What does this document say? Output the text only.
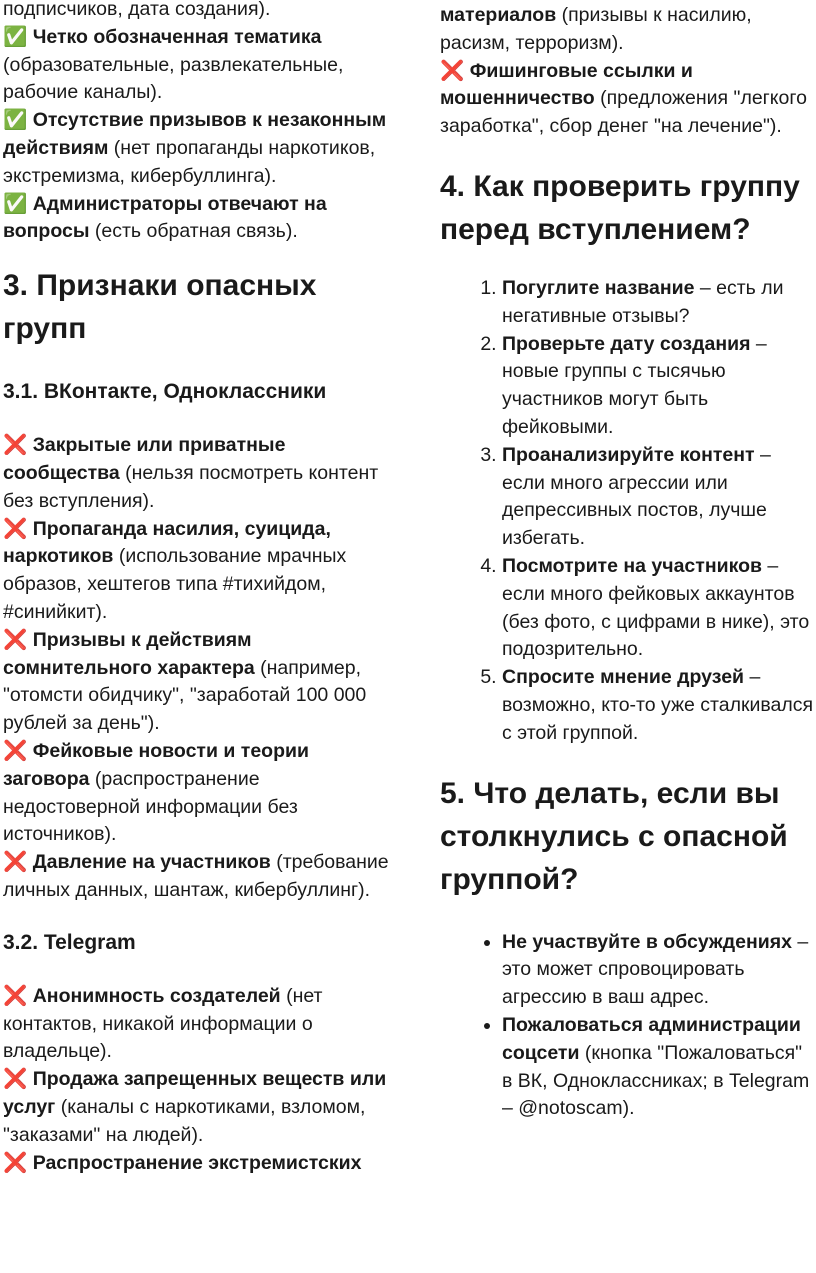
подписчиков, дата создания).

✅ Четко обозначенная тематика (образовательные, развлекательные, рабочие каналы).

✅ Отсутствие призывов к незаконным действиям (нет пропаганды наркотиков, экстремизма, кибербуллинга).

✅ Администраторы отвечают на вопросы (есть обратная связь).

3. Признаки опасных групп
3.1. ВКонтакте, Одноклассники

❌ Закрытые или приватные сообщества (нельзя посмотреть контент без вступления).

❌ Пропаганда насилия, суицида, наркотиков (использование мрачных образов, хештегов типа #тихийдом, #синийкит).

❌ Призывы к действиям сомнительного характера (например, "отомсти обидчику", "заработай 100 000 рублей за день").

❌ Фейковые новости и теории заговора (распространение недостоверной информации без источников).

❌ Давление на участников (требование личных данных, шантаж, кибербуллинг).

3.2. Telegram

❌ Анонимность создателей (нет контактов, никакой информации о владельце).

❌ Продажа запрещенных веществ или услуг (каналы с наркотиками, взломом, "заказами" на людей).

❌ Распространение экстремистских

материалов (призывы к насилию, расизм, терроризм).

❌ Фишинговые ссылки и мошенничество (предложения "легкого заработка", сбор денег "на лечение").

4. Как проверить группу перед вступлением?
1. Погуглите название – есть ли негативные отзывы?
2. Проверьте дату создания – новые группы с тысячью участников могут быть фейковыми.
3. Проанализируйте контент – если много агрессии или депрессивных постов, лучше избегать.
4. Посмотрите на участников – если много фейковых аккаунтов (без фото, с цифрами в нике), это подозрительно.
5. Спросите мнение друзей – возможно, кто-то уже сталкивался с этой группой.
5. Что делать, если вы столкнулись с опасной группой?
• Не участвуйте в обсуждениях – это может спровоцировать агрессию в ваш адрес.
• Пожаловаться администрации соцсети (кнопка "Пожаловаться" в ВК, Одноклассниках; в Telegram – @notoscam).
